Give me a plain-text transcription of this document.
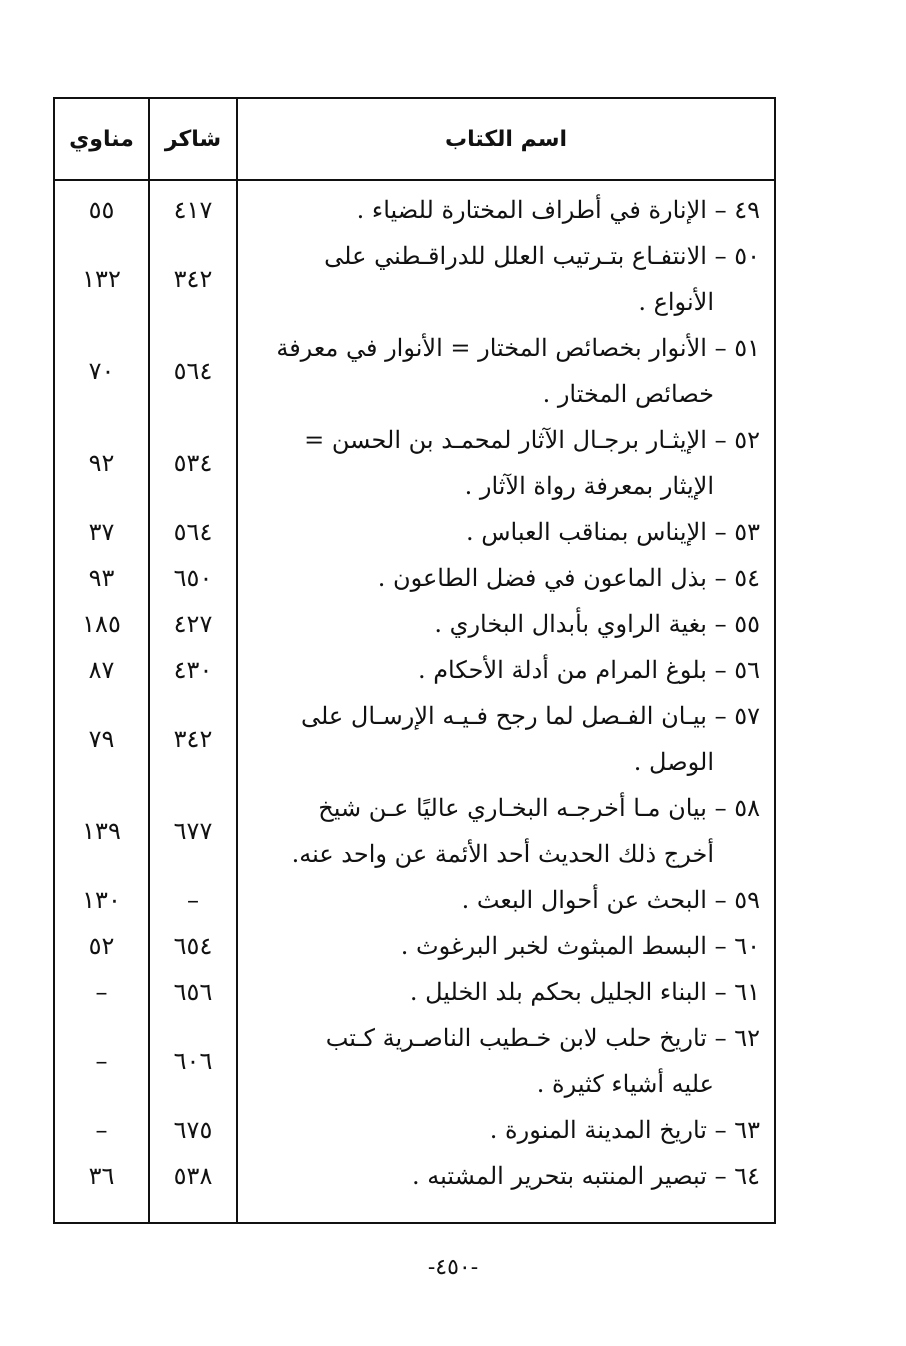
مناوي	شاكر	اسم الكتاب
٤٩ – الإنارة في أطراف المختارة للضياء .
٤١٧
٥٥
٥٠ – الانتفـاع بتـرتيب العلل للدراقـطني على
الأنواع .
٣٤٢
١٣٢
٥١ – الأنوار بخصائص المختار = الأنوار في معرفة
خصائص المختار .
٥٦٤
٧٠
٥٢ – الإيثـار برجـال الآثار لمحمـد بن الحسن =
الإيثار بمعرفة رواة الآثار .
٥٣٤
٩٢
٥٣ – الإيناس بمناقب العباس .
٥٦٤
٣٧
٥٤ – بذل الماعون في فضل الطاعون .
٦٥٠
٩٣
٥٥ – بغية الراوي بأبدال البخاري .
٤٢٧
١٨٥
٥٦ – بلوغ المرام من أدلة الأحكام .
٤٣٠
٨٧
٥٧ – بيـان الفـصل لما رجح فـيـه الإرسـال على
الوصل .
٣٤٢
٧٩
٥٨ – بيان مـا أخرجـه البخـاري عاليًا عـن شيخ
أخرج ذلك الحديث أحد الأئمة عن واحد عنه.
٦٧٧
١٣٩
٥٩ – البحث عن أحوال البعث .
–
١٣٠
٦٠ – البسط المبثوث لخبر البرغوث .
٦٥٤
٥٢
٦١ – البناء الجليل بحكم بلد الخليل .
٦٥٦
–
٦٢ – تاريخ حلب لابن خـطيب الناصـرية كـتب
عليه أشياء كثيرة .
٦٠٦
–
٦٣ – تاريخ المدينة المنورة .
٦٧٥
–
٦٤ – تبصير المنتبه بتحرير المشتبه .
٥٣٨
٣٦
-٤٥٠-
